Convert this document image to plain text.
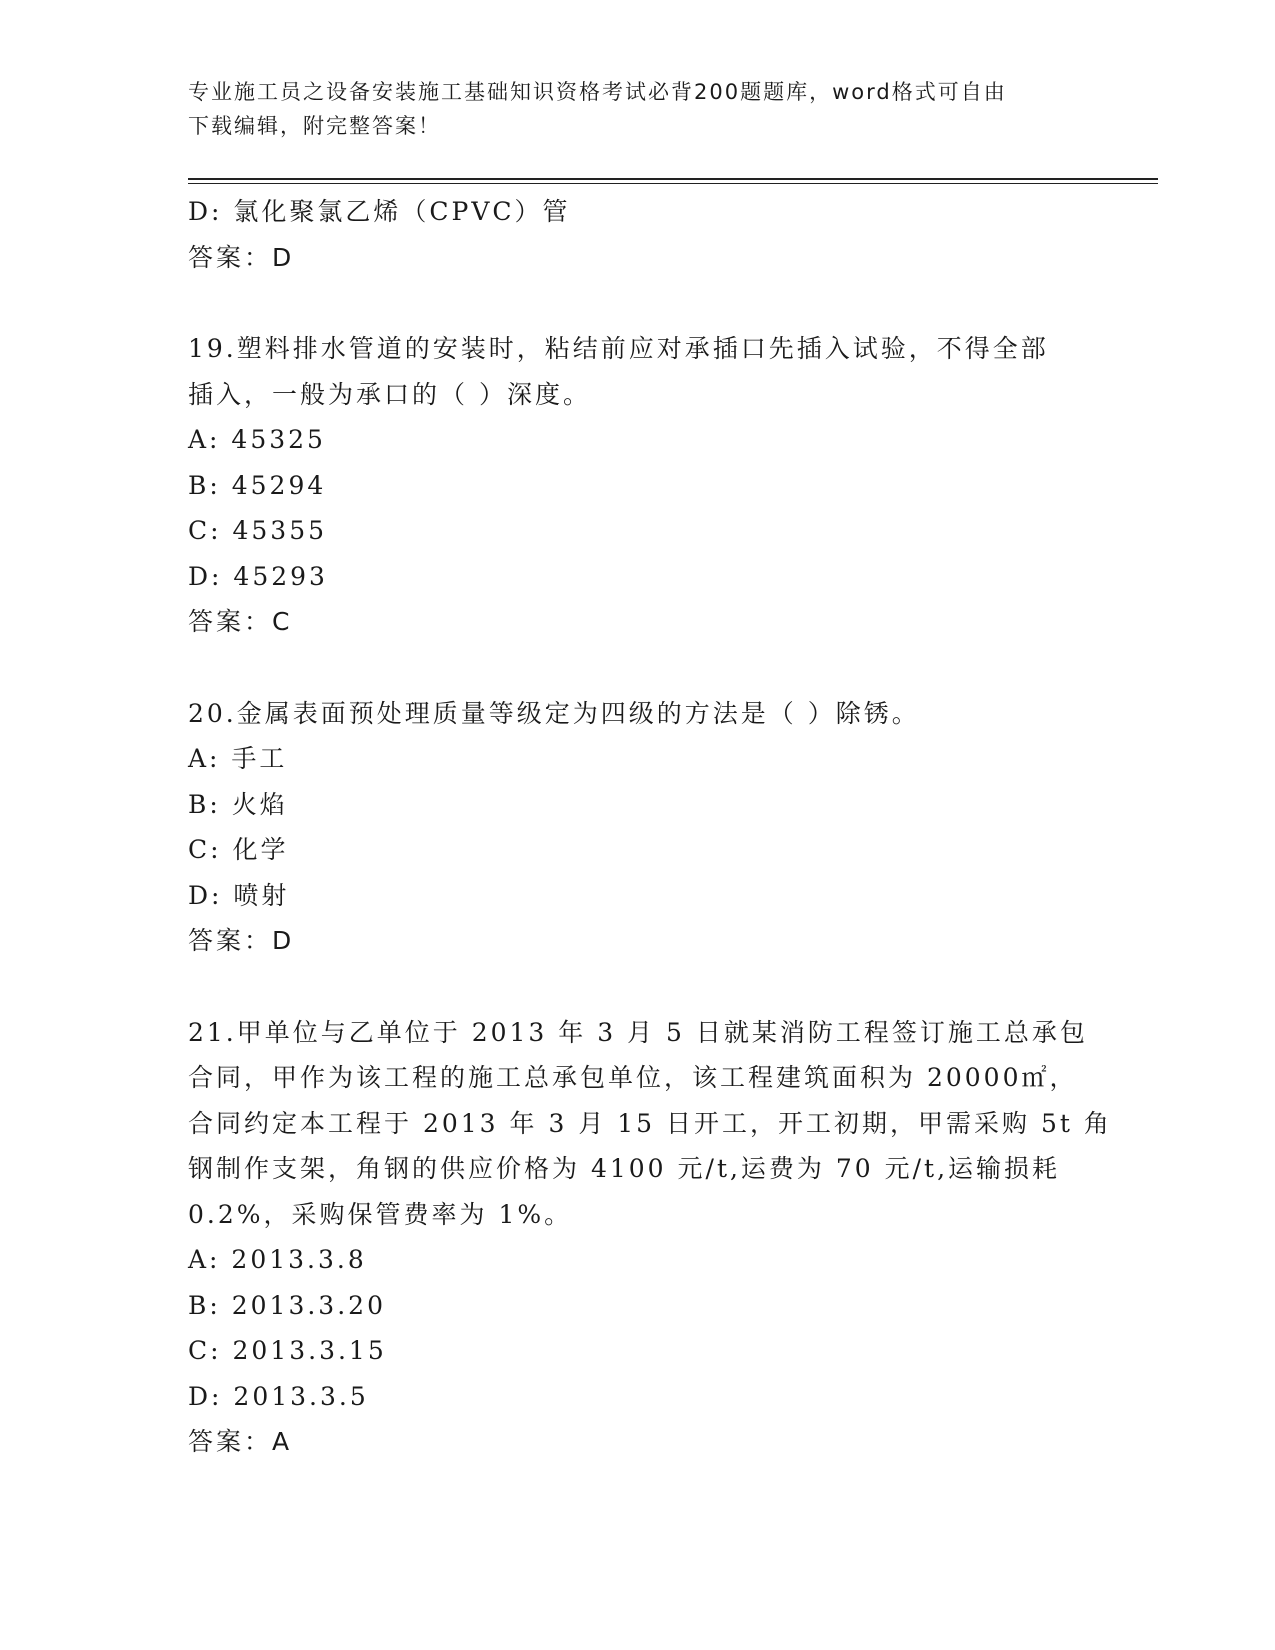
专业施工员之设备安装施工基础知识资格考试必背200题题库，word格式可自由
下载编辑，附完整答案！
D: 氯化聚氯乙烯（CPVC）管
答案：D
19.塑料排水管道的安装时，粘结前应对承插口先插入试验，不得全部
插入，一般为承口的（ ）深度。
A: 45325
B: 45294
C: 45355
D: 45293
答案：C
20.金属表面预处理质量等级定为四级的方法是（ ）除锈。
A: 手工
B: 火焰
C: 化学
D: 喷射
答案：D
21.甲单位与乙单位于 2013 年 3 月 5 日就某消防工程签订施工总承包
合同，甲作为该工程的施工总承包单位，该工程建筑面积为 20000㎡，
合同约定本工程于 2013 年 3 月 15 日开工，开工初期，甲需采购 5t 角
钢制作支架，角钢的供应价格为 4100 元/t,运费为 70 元/t,运输损耗
0.2%，采购保管费率为 1%。
A: 2013.3.8
B: 2013.3.20
C: 2013.3.15
D: 2013.3.5
答案：A
